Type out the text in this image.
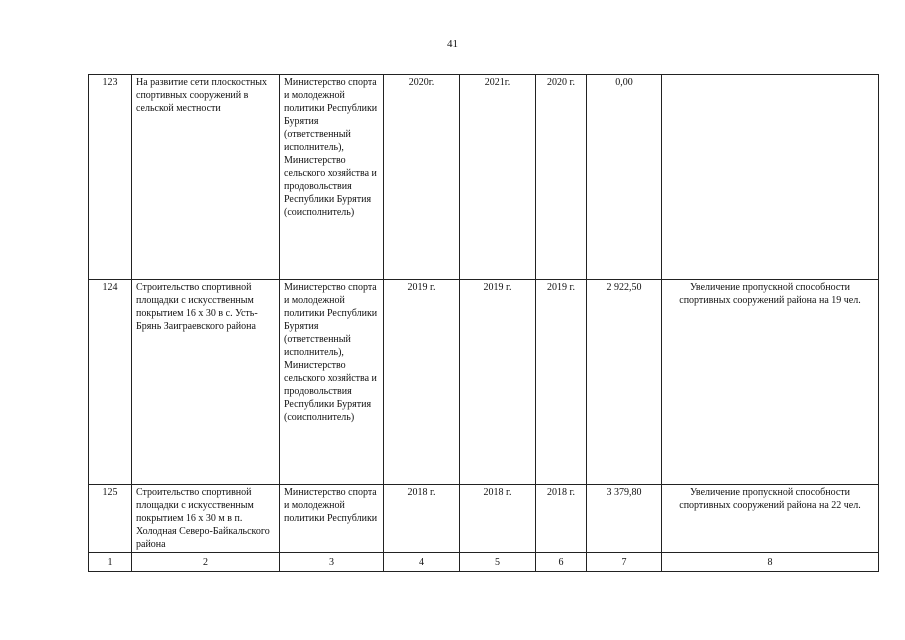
41
123	На развитие сети плоскостных спортивных сооружений в сельской местности	Министерство спорта и молодежной политики Республики Бурятия (ответственный исполнитель), Министерство сельского хозяйства и продовольствия Республики Бурятия (соисполнитель)	2020г.	2021г.	2020 г.	0,00	
124	Строительство спортивной площадки с искусственным покрытием 16 х 30 в с. Усть-Брянь Заиграевского района	Министерство спорта и молодежной политики Республики Бурятия (ответственный исполнитель), Министерство сельского хозяйства и продовольствия Республики Бурятия (соисполнитель)	2019 г.	2019 г.	2019 г.	2 922,50	Увеличение пропускной способности спортивных сооружений района на 19 чел.
125	Строительство спортивной площадки с искусственным покрытием 16 х 30 м в п. Холодная Северо-Байкальского района	Министерство спорта и молодежной политики Республики	2018 г.	2018 г.	2018 г.	3 379,80	Увеличение пропускной способности спортивных сооружений района на 22 чел.
1	2	3	4	5	6	7	8
